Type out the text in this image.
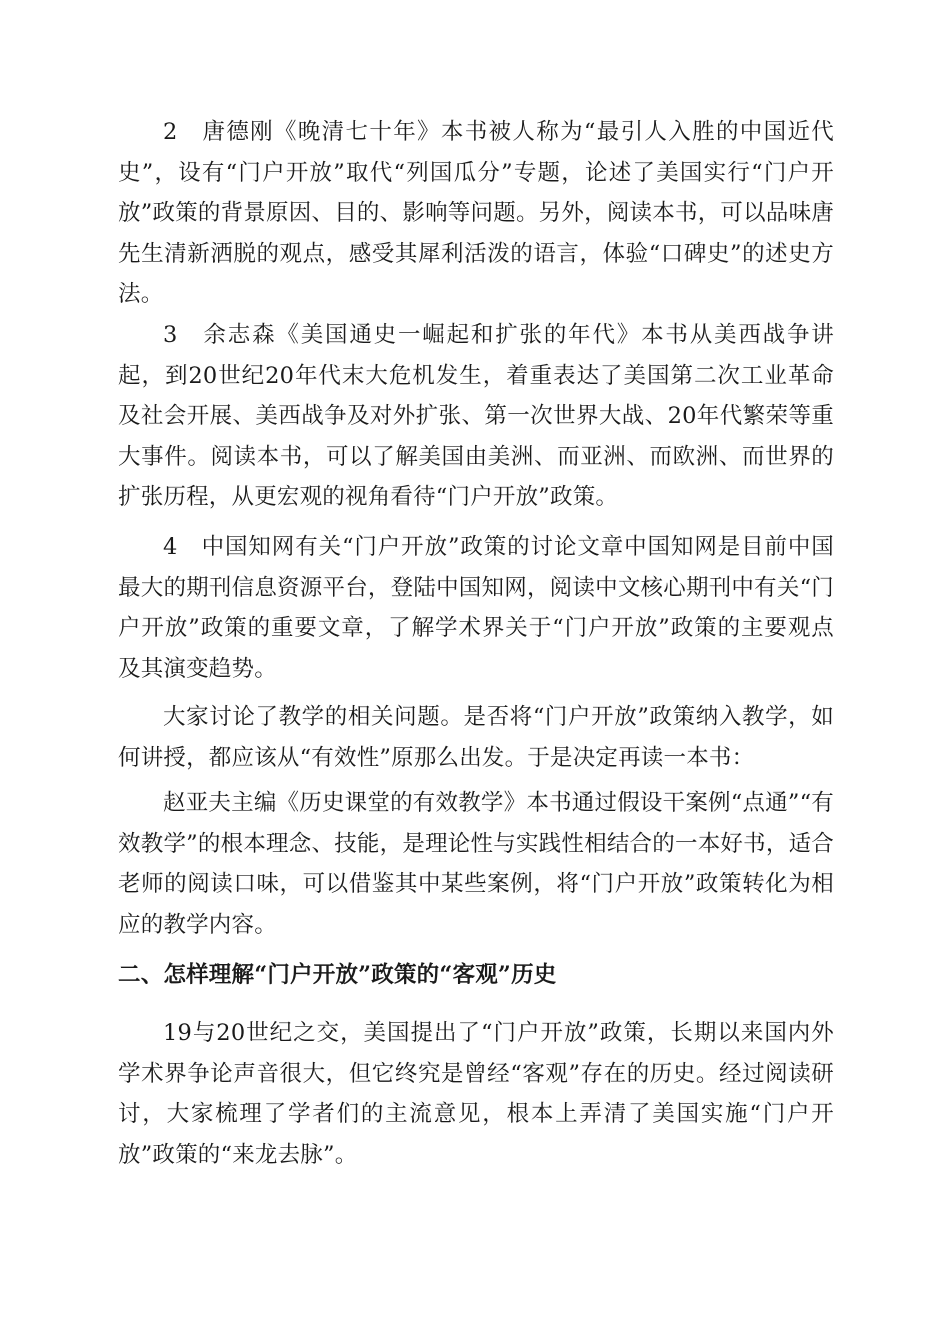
2　唐德刚《晚清七十年》本书被人称为“最引人入胜的中国近代史”，设有“门户开放”取代“列国瓜分”专题，论述了美国实行“门户开放”政策的背景原因、目的、影响等问题。另外，阅读本书，可以品味唐先生清新洒脱的观点，感受其犀利活泼的语言，体验“口碑史”的述史方法。

3　余志森《美国通史一崛起和扩张的年代》本书从美西战争讲起，到20世纪20年代末大危机发生，着重表达了美国第二次工业革命及社会开展、美西战争及对外扩张、第一次世界大战、20年代繁荣等重大事件。阅读本书，可以了解美国由美洲、而亚洲、而欧洲、而世界的扩张历程，从更宏观的视角看待“门户开放”政策。

4　中国知网有关“门户开放”政策的讨论文章中国知网是目前中国最大的期刊信息资源平台，登陆中国知网，阅读中文核心期刊中有关“门户开放”政策的重要文章，了解学术界关于“门户开放”政策的主要观点及其演变趋势。

大家讨论了教学的相关问题。是否将“门户开放”政策纳入教学，如何讲授，都应该从“有效性”原那么出发。于是决定再读一本书：

赵亚夫主编《历史课堂的有效教学》本书通过假设干案例“点通”“有效教学”的根本理念、技能，是理论性与实践性相结合的一本好书，适合老师的阅读口味，可以借鉴其中某些案例，将“门户开放”政策转化为相应的教学内容。

二、怎样理解“门户开放”政策的“客观”历史

19与20世纪之交，美国提出了“门户开放”政策，长期以来国内外学术界争论声音很大，但它终究是曾经“客观”存在的历史。经过阅读研讨，大家梳理了学者们的主流意见，根本上弄清了美国实施“门户开放”政策的“来龙去脉”。
